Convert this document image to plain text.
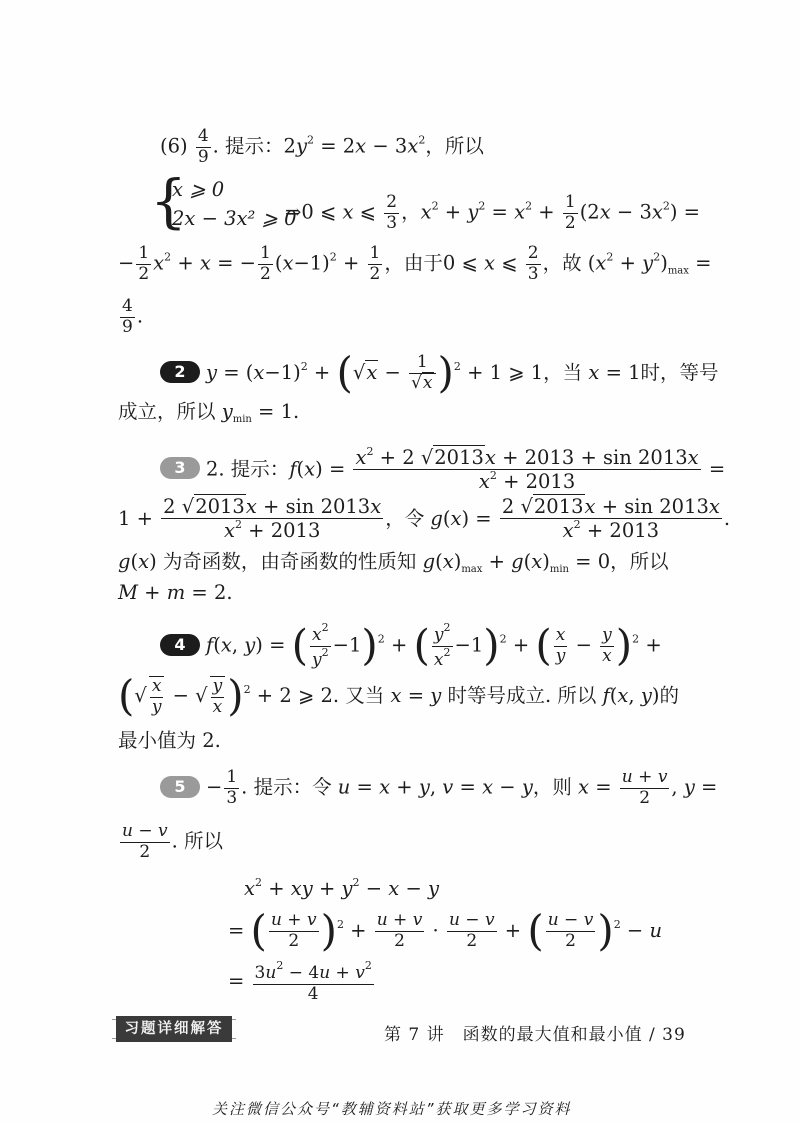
$(6) \frac{4}{9}$ . 提示：$2y^2 = 2x - 3x^2$，所以
{
x ⩾ 0
2x − 3x² ⩾ 0
⇒0 ⩽ x ⩽ $\frac{2}{3}$ ，$x^2 + y^2 = x^2 + \frac{1}{2} (2x - 3x^2)$ =
− $\frac{1}{2} x^2 + x$ = − $\frac{1}{2} (x-1)^2 + \frac{1}{2}$ ，由于0 ⩽ x ⩽ $\frac{2}{3}$ ，故 $(x^2 + y^2)_{max}$ =
$\frac{4}{9}$ .
2 $y = (x-1)^2 + (√x - \frac{1}{√x} )^2 + 1$ ⩾ 1，当 x = 1时，等号
成立，所以 $y_{min} = 1$.
3 2. 提示：$f(x) = \frac{x^2 + 2 √2013x + 2013 + \sin 2013x}{x^2 + 2013}$ =
$1 + \frac{2 √2013x + \sin 2013x}{x^2 + 2013}$ ，令 $g(x) = \frac{2 √2013x + \sin 2013x}{x^2 + 2013}$ .
g(x) 为奇函数，由奇函数的性质知 $g(x)_{max} + g(x)_{min} = 0$，所以
M + m = 2.
4 f(x, y) = ( $\frac{x^2}{y^2} -1)^2$ + ( $\frac{y^2}{x^2} -1)^2$ + ( $\frac{x}{y} - \frac{y}{x} )^2$ +
(√ $\frac{x}{y}$ − √ $\frac{y}{x} )^2 + 2$ ⩾ 2. 又当 x = y 时等号成立. 所以 f(x, y)的
最小值为 2.
$5 - \frac{1}{3}$ . 提示：令 u = x + y, v = x − y，则 $x = \frac{u + v}{2}$ , y =
$\frac{u - v}{2}$ . 所以
$x^2$ + xy + $y^2 - x - y$
= ( $\frac{u + v}{2} )^2 + \frac{u + v}{2} \cdot \frac{u - v}{2}$ + ( $\frac{u - v}{2} )^2 - u$
= $\frac{3u^2 - 4u + v^2}{4}$
习题详细解答	第 7 讲　函数的最大值和最小值 / 39
关注微信公众号“教辅资料站”获取更多学习资料
